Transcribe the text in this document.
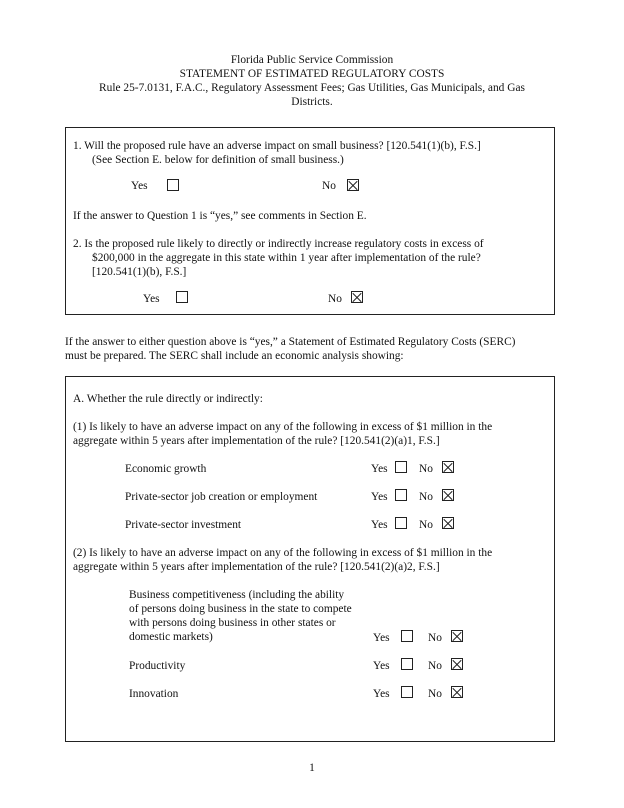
Florida Public Service Commission
STATEMENT OF ESTIMATED REGULATORY COSTS
Rule 25-7.0131, F.A.C., Regulatory Assessment Fees; Gas Utilities, Gas Municipals, and Gas
Districts.
1. Will the proposed rule have an adverse impact on small business? [120.541(1)(b), F.S.]
(See Section E. below for definition of small business.)
Yes	No
If the answer to Question 1 is “yes,” see comments in Section E.
2. Is the proposed rule likely to directly or indirectly increase regulatory costs in excess of
$200,000 in the aggregate in this state within 1 year after implementation of the rule?
[120.541(1)(b), F.S.]
Yes	No
If the answer to either question above is “yes,” a Statement of Estimated Regulatory Costs (SERC)
must be prepared. The SERC shall include an economic analysis showing:
A. Whether the rule directly or indirectly:
(1) Is likely to have an adverse impact on any of the following in excess of $1 million in the
aggregate within 5 years after implementation of the rule? [120.541(2)(a)1, F.S.]
Economic growth	Yes	No
Private-sector job creation or employment	Yes	No
Private-sector investment	Yes	No
(2) Is likely to have an adverse impact on any of the following in excess of $1 million in the
aggregate within 5 years after implementation of the rule? [120.541(2)(a)2, F.S.]
Business competitiveness (including the ability
of persons doing business in the state to compete
with persons doing business in other states or
domestic markets)	Yes	No
Productivity	Yes	No
Innovation	Yes	No
1
